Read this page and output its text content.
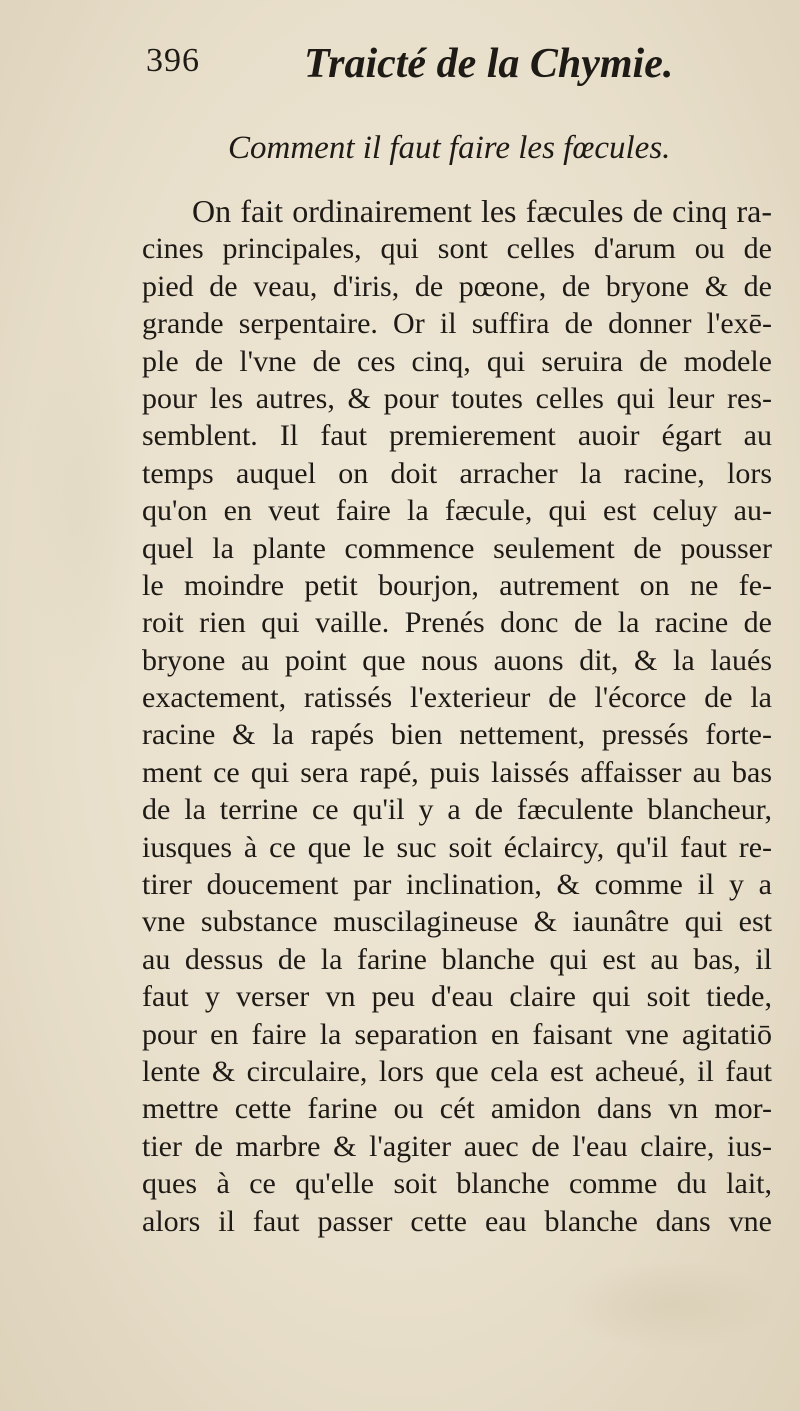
396 Traicté de la Chymie.
Comment il faut faire les fœcules.
On fait ordinairement les fæcules de cinq ra-
cines principales, qui sont celles d'arum ou de
pied de veau, d'iris, de pœone, de bryone & de
grande serpentaire. Or il suffira de donner l'exē-
ple de l'vne de ces cinq, qui seruira de modele
pour les autres, & pour toutes celles qui leur res-
semblent. Il faut premierement auoir égart au
temps auquel on doit arracher la racine, lors
qu'on en veut faire la fæcule, qui est celuy au-
quel la plante commence seulement de pousser
le moindre petit bourjon, autrement on ne fe-
roit rien qui vaille. Prenés donc de la racine de
bryone au point que nous auons dit, & la laués
exactement, ratissés l'exterieur de l'écorce de la
racine & la rapés bien nettement, pressés forte-
ment ce qui sera rapé, puis laissés affaisser au bas
de la terrine ce qu'il y a de fæculente blancheur,
iusques à ce que le suc soit éclaircy, qu'il faut re-
tirer doucement par inclination, & comme il y a
vne substance muscilagineuse & iaunâtre qui est
au dessus de la farine blanche qui est au bas, il
faut y verser vn peu d'eau claire qui soit tiede,
pour en faire la separation en faisant vne agitatiō
lente & circulaire, lors que cela est acheué, il faut
mettre cette farine ou cét amidon dans vn mor-
tier de marbre & l'agiter auec de l'eau claire, ius-
ques à ce qu'elle soit blanche comme du lait,
alors il faut passer cette eau blanche dans vne
